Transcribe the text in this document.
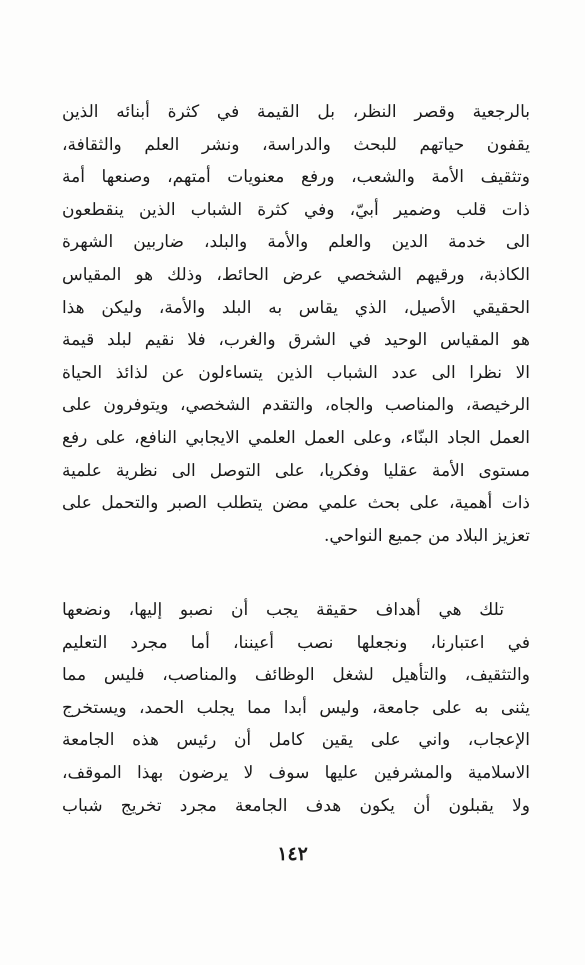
بالرجعية وقصر النظر، بل القيمة في كثرة أبنائه الذين
يقفون حياتهم للبحث والدراسة، ونشر العلم والثقافة،
وتثقيف الأمة والشعب، ورفع معنويات أمتهم، وصنعها أمة
ذات قلب وضمير أبيّ، وفي كثرة الشباب الذين ينقطعون
الى خدمة الدين والعلم والأمة والبلد، ضاربين الشهرة
الكاذبة، ورقيهم الشخصي عرض الحائط، وذلك هو المقياس
الحقيقي الأصيل، الذي يقاس به البلد والأمة، وليكن هذا
هو المقياس الوحيد في الشرق والغرب، فلا نقيم لبلد قيمة
الا نظرا الى عدد الشباب الذين يتساءلون عن لذائذ الحياة
الرخيصة، والمناصب والجاه، والتقدم الشخصي، ويتوفرون على
العمل الجاد البنّاء، وعلى العمل العلمي الايجابي النافع، على رفع
مستوى الأمة عقليا وفكريا، على التوصل الى نظرية علمية
ذات أهمية، على بحث علمي مضن يتطلب الصبر والتحمل على
تعزيز البلاد من جميع النواحي.
تلك هي أهداف حقيقة يجب أن نصبو إليها، ونضعها
في اعتبارنا، ونجعلها نصب أعيننا، أما مجرد التعليم
والتثقيف، والتأهيل لشغل الوظائف والمناصب، فليس مما
يثنى به على جامعة، وليس أبدا مما يجلب الحمد، ويستخرج
الإعجاب، واني على يقين كامل أن رئيس هذه الجامعة
الاسلامية والمشرفين عليها سوف لا يرضون بهذا الموقف،
ولا يقبلون أن يكون هدف الجامعة مجرد تخريج شباب
١٤٢
